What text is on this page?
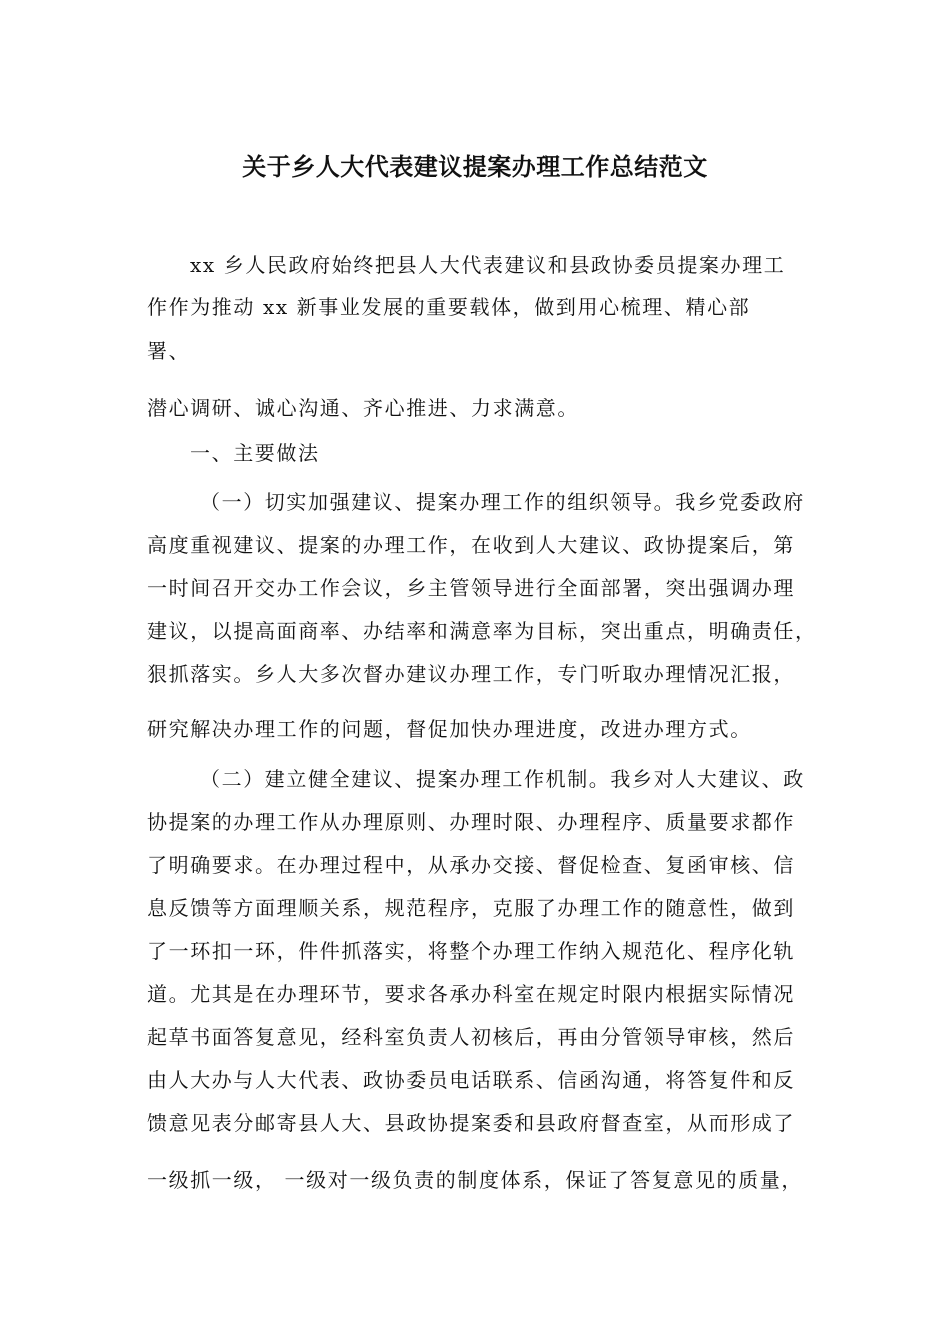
关于乡人大代表建议提案办理工作总结范文
xx 乡人民政府始终把县人大代表建议和县政协委员提案办理工
作作为推动 xx 新事业发展的重要载体，做到用心梳理、精心部
署、
潜心调研、诚心沟通、齐心推进、力求满意。
一、主要做法
（一）切实加强建议、提案办理工作的组织领导。我乡党委政府
高度重视建议、提案的办理工作，在收到人大建议、政协提案后，第
一时间召开交办工作会议，乡主管领导进行全面部署，突出强调办理
建议，以提高面商率、办结率和满意率为目标，突出重点，明确责任，
狠抓落实。乡人大多次督办建议办理工作，专门听取办理情况汇报，
研究解决办理工作的问题，督促加快办理进度，改进办理方式。
（二）建立健全建议、提案办理工作机制。我乡对人大建议、政
协提案的办理工作从办理原则、办理时限、办理程序、质量要求都作
了明确要求。在办理过程中，从承办交接、督促检查、复函审核、信
息反馈等方面理顺关系，规范程序，克服了办理工作的随意性，做到
了一环扣一环，件件抓落实，将整个办理工作纳入规范化、程序化轨
道。尤其是在办理环节，要求各承办科室在规定时限内根据实际情况
起草书面答复意见，经科室负责人初核后，再由分管领导审核，然后
由人大办与人大代表、政协委员电话联系、信函沟通，将答复件和反
馈意见表分邮寄县人大、县政协提案委和县政府督查室，从而形成了
一级抓一级， 一级对一级负责的制度体系，保证了答复意见的质量，
